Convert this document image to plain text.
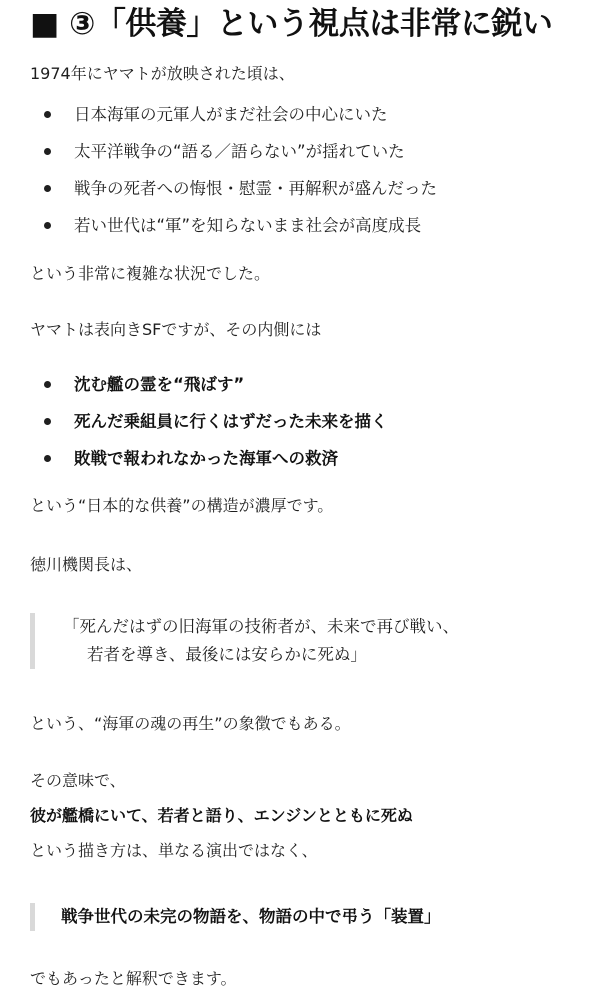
■ ③「供養」という視点は非常に鋭い

1974年にヤマトが放映された頃は、

日本海軍の元軍人がまだ社会の中心にいた
太平洋戦争の“語る／語らない”が揺れていた
戦争の死者への悔恨・慰霊・再解釈が盛んだった
若い世代は“軍”を知らないまま社会が高度成長

という非常に複雑な状況でした。

ヤマトは表向きSFですが、その内側には

沈む艦の霊を“飛ばす”
死んだ乗組員に行くはずだった未来を描く
敗戦で報われなかった海軍への救済

という“日本的な供養”の構造が濃厚です。

徳川機関長は、

「死んだはずの旧海軍の技術者が、未来で再び戦い、
若者を導き、最後には安らかに死ぬ」

という、“海軍の魂の再生”の象徴でもある。

その意味で、

彼が艦橋にいて、若者と語り、エンジンとともに死ぬ

という描き方は、単なる演出ではなく、

戦争世代の未完の物語を、物語の中で弔う「装置」

でもあったと解釈できます。
